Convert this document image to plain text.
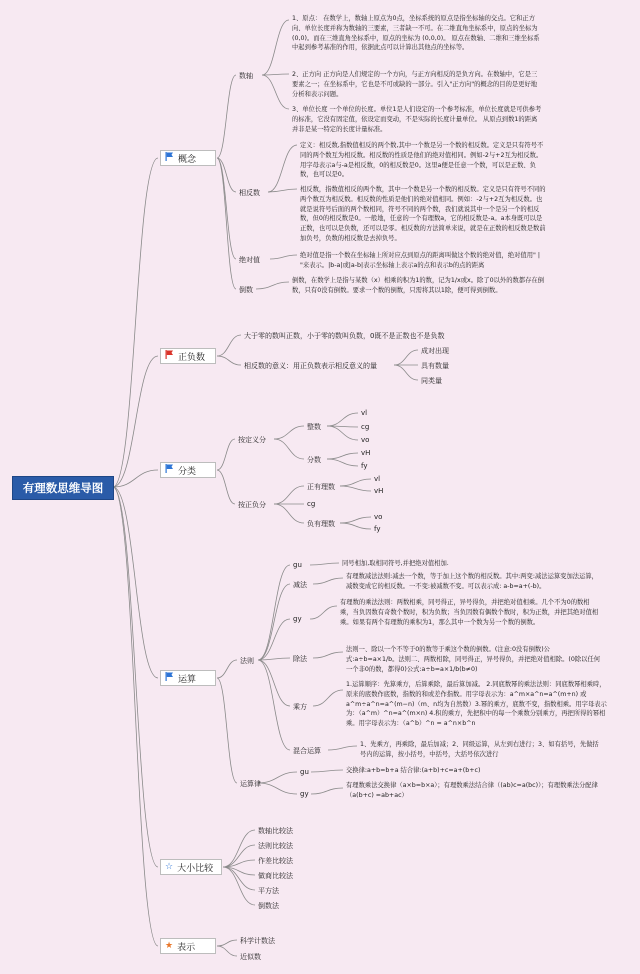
有理数思维导图
概念
正负数
分类
运算
☆ 大小比较
★ 表示
数轴
1、原点： 在数学上，数轴上原点为0点，坐标系统的原点是指坐标轴的交点。它和正方向、单位长度并称为数轴的三要素，三者缺一不可。在二维直角坐标系中，原点的坐标为 (0,0)。而在三维直角坐标系中，原点的坐标为 (0,0,0)。 原点在数轴、二维和三维坐标系中起到参考基准的作用，依据此点可以计算出其他点的坐标等。
2、正方向 正方向是人们规定的一个方向，与正方向相反的是负方向。在数轴中，它是三要素之一；在坐标系中，它也是不可或缺的一部分。引入"正方向"的概念的目的是更好地分析和表示问题。
3、单位长度 一个单位的长度。单位1是人们设定的一个参考标准，单位长度就是可供参考的标准，它没有固定值，依设定而变动，不是实际的长度计量单位。 从原点到数1的距离并非是某一特定的长度计量标准。
相反数
定义：相反数,指数值相反的两个数,其中一个数是另一个数的相反数。定义是只有符号不同的两个数互为相反数。相反数的性质是他们的绝对值相同。例如-2与+2互为相反数。用字母表示a与-a是相反数，0的相反数是0。这里a便是任意一个数，可以是正数、负数，也可以是0。
相反数，指数值相反的两个数，其中一个数是另一个数的相反数。定义是只有符号不同的两个数互为相反数。相反数的性质是他们的绝对值相同。例如：-2与+2互为相反数。也就是说符号后面的两个数相同，符号不同的两个数，我们就说其中一个是另一个的相反数，但0的相反数是0。一般地，任意的一个有理数a，它的相反数是-a。a本身既可以是正数，也可以是负数，还可以是零。相反数的方法简单来说，就是在正数的相反数是数前加负号，负数的相反数是去掉负号。
绝对值
绝对值是指一个数在坐标轴上所对应点到原点的距离叫做这个数的绝对值，绝对值用" | "来表示。|b-a|或|a-b|表示坐标轴上表示a的点和表示b的点的距离
倒数
倒数，在数学上是指与某数（x）相乘的积为1的数，记为1/x或x。除了0以外的数都存在倒数，只有0没有倒数。要求一个数的倒数，只需将其以1除，便可得到倒数。
大于零的数叫正数，小于零的数叫负数，0既不是正数也不是负数
相反数的意义：用正负数表示相反意义的量
成对出现
具有数量
同类量
按定义分
按正负分
整数
分数
正有理数
cg
负有理数
vl
cg
vo
vH
fy
vl
vH
vo
fy
法则
运算律
gu	同号相加,取相同符号,并把绝对值相加.
减法
有理数减法法则:减去一个数，等于加上这个数的相反数。其中:两变:减法运算变加法运算，减数变成它的相反数。一不变:被减数不变。可以表示成: a-b=a+(-b)。
gy
有理数的乘法法则：两数相乘，同号得正，异号得负，并把绝对值相乘。几个不为0的数相乘，当负因数有奇数个数时，积为负数；当负因数有偶数个数时，积为正数，并把其绝对值相乘。如果有两个有理数的乘积为1，那么其中一个数为另一个数的倒数。
除法
法则一、除以一个不等于0的数等于乘这个数的倒数。(注意:0没有倒数)公式:a÷b=a×1/b。法则二、两数相除，同号得正，异号得负，并把绝对值相除。(0除以任何一个非0的数，都得0)公式:a÷b=a×1/b(b≠0)
乘方
1.运算顺序：先算乘方，后算乘除，最后算加减。 2.同底数幂的乘法法则：同底数幂相乘時，原来的底数作底数，指数的和或差作指数。用字母表示为：a^m×a^n=a^(m+n) 或 a^m÷a^n=a^(m−n)（m、n均为自然数）3.幂的乘方，底数不变，指数相乘。用字母表示为：（a^m）^n=a^(m×n) 4.积的乘方，先把积中的每一个乘数分别乘方，再把所得的幂相乘。用字母表示为：（a^b）^n = a^n×b^n
混合运算
1、先乘方，再乘除，最后加减；2、同级运算，从左到右进行；3、如有括号，先做括号内的运算，按小括号，中括号，大括号依次进行
gu	交换律:a+b=b+a 结合律:(a+b)+c=a+(b+c)
gy
有理数乘法交换律（a×b=b×a）；有理数乘法结合律（(ab)c=a(bc)）；有理数乘法分配律（a(b+c) =ab+ac）
数轴比较法
法则比较法
作差比较法
做商比较法
平方法
倒数法
科学计数法
近似数
